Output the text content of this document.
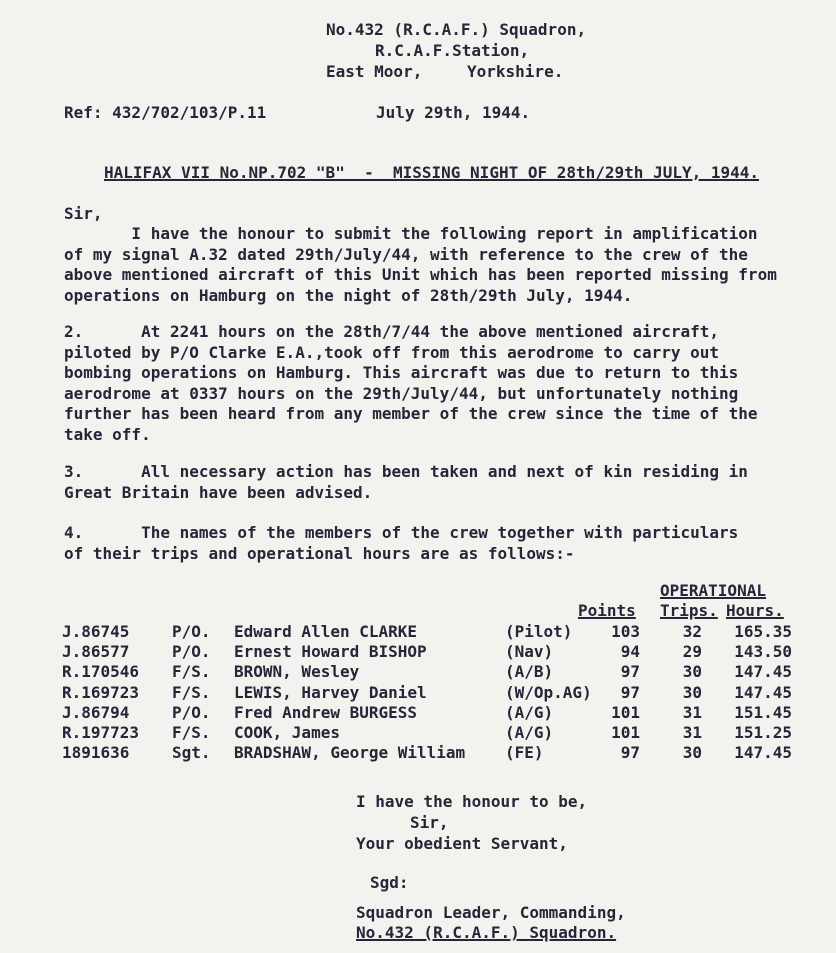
No.432 (R.C.A.F.) Squadron,
R.C.A.F.Station,
East Moor,	Yorkshire.
Ref: 432/702/103/P.11	July 29th, 1944.
HALIFAX VII No.NP.702 "B"  -  MISSING NIGHT OF 28th/29th JULY, 1944.
Sir,
I have the honour to submit the following report in amplification
of my signal A.32 dated 29th/July/44, with reference to the crew of the
above mentioned aircraft of this Unit which has been reported missing from
operations on Hamburg on the night of 28th/29th July, 1944.
2.      At 2241 hours on the 28th/7/44 the above mentioned aircraft,
piloted by P/O Clarke E.A.,took off from this aerodrome to carry out
bombing operations on Hamburg. This aircraft was due to return to this
aerodrome at 0337 hours on the 29th/July/44, but unfortunately nothing
further has been heard from any member of the crew since the time of the
take off.
3.      All necessary action has been taken and next of kin residing in
Great Britain have been advised.
4.      The names of the members of the crew together with particulars
of their trips and operational hours are as follows:-
OPERATIONAL
Points Trips. Hours.
J.86745	P/O. Edward Allen CLARKE	(Pilot)	103	32	165.35
J.86577	P/O. Ernest Howard BISHOP	(Nav)	94	29	143.50
R.170546 F/S. BROWN, Wesley	(A/B)	97	30	147.45
R.169723 F/S. LEWIS, Harvey Daniel	(W/Op.AG)	97	30	147.45
J.86794	P/O. Fred Andrew BURGESS	(A/G)	101	31	151.45
R.197723 F/S. COOK, James	(A/G)	101	31	151.25
1891636	Sgt. BRADSHAW, George William (FE)	97	30	147.45
I have the honour to be,
Sir,
Your obedient Servant,
Sgd:
Squadron Leader, Commanding,
No.432 (R.C.A.F.) Squadron.
